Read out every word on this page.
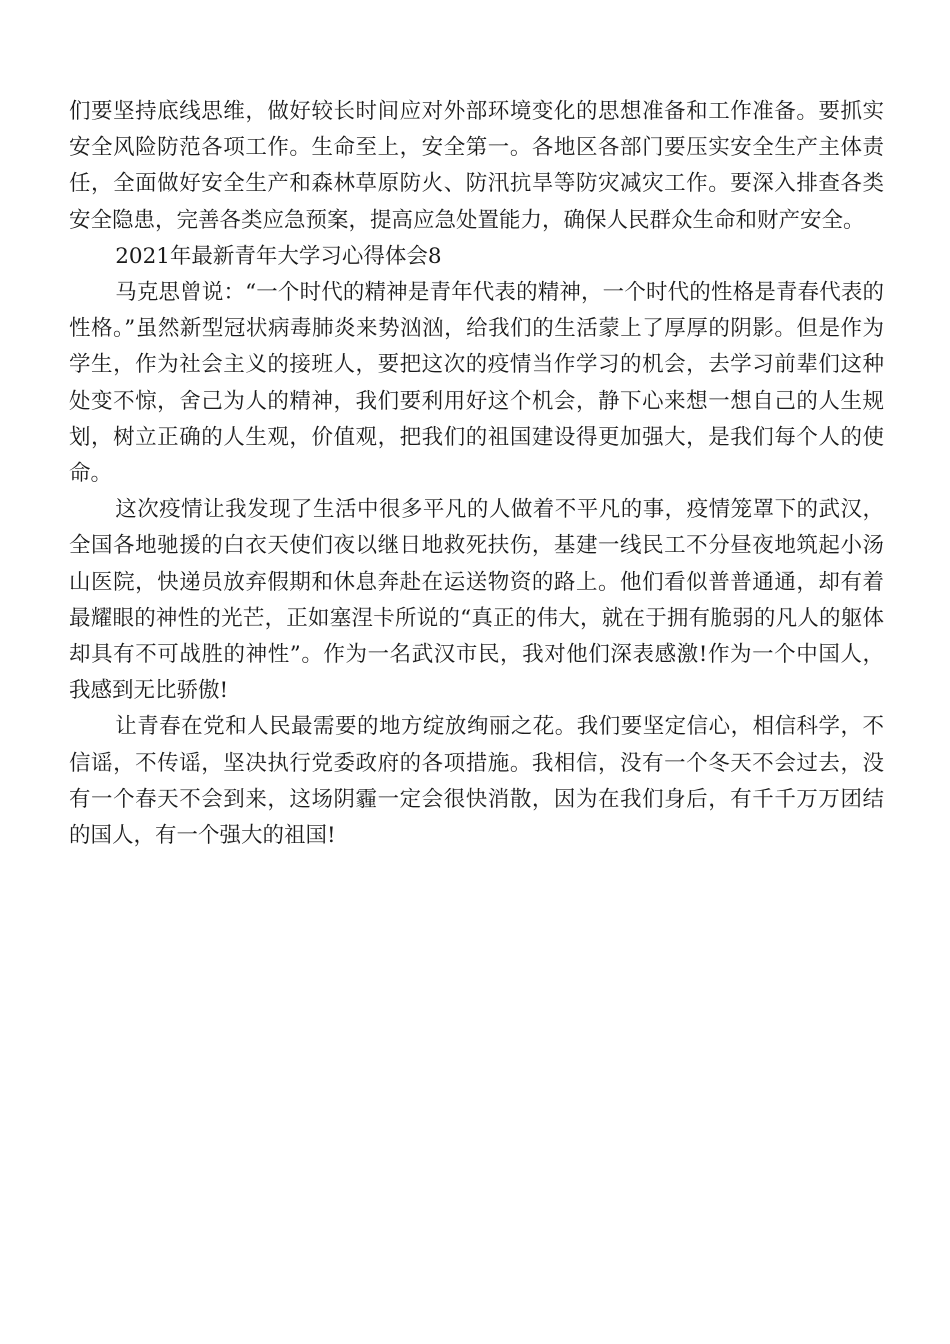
们要坚持底线思维，做好较长时间应对外部环境变化的思想准备和工作准备。要抓实安全风险防范各项工作。生命至上，安全第一。各地区各部门要压实安全生产主体责任，全面做好安全生产和森林草原防火、防汛抗旱等防灾减灾工作。要深入排查各类安全隐患，完善各类应急预案，提高应急处置能力，确保人民群众生命和财产安全。

2021年最新青年大学习心得体会8

马克思曾说：“一个时代的精神是青年代表的精神，一个时代的性格是青春代表的性格。”虽然新型冠状病毒肺炎来势汹汹，给我们的生活蒙上了厚厚的阴影。但是作为学生，作为社会主义的接班人，要把这次的疫情当作学习的机会，去学习前辈们这种处变不惊，舍己为人的精神，我们要利用好这个机会，静下心来想一想自己的人生规划，树立正确的人生观，价值观，把我们的祖国建设得更加强大，是我们每个人的使命。

这次疫情让我发现了生活中很多平凡的人做着不平凡的事，疫情笼罩下的武汉，全国各地驰援的白衣天使们夜以继日地救死扶伤，基建一线民工不分昼夜地筑起小汤山医院，快递员放弃假期和休息奔赴在运送物资的路上。他们看似普普通通，却有着最耀眼的神性的光芒，正如塞涅卡所说的“真正的伟大，就在于拥有脆弱的凡人的躯体却具有不可战胜的神性”。作为一名武汉市民，我对他们深表感激!作为一个中国人，我感到无比骄傲!

让青春在党和人民最需要的地方绽放绚丽之花。我们要坚定信心，相信科学，不信谣，不传谣，坚决执行党委政府的各项措施。我相信，没有一个冬天不会过去，没有一个春天不会到来，这场阴霾一定会很快消散，因为在我们身后，有千千万万团结的国人，有一个强大的祖国!
